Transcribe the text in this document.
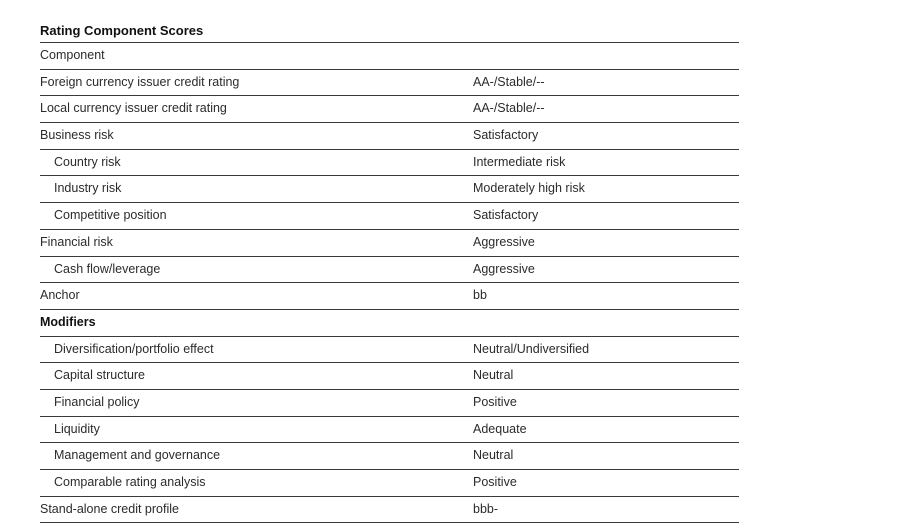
Rating Component Scores
Component
Foreign currency issuer credit rating	AA-/Stable/--
Local currency issuer credit rating	AA-/Stable/--
Business risk	Satisfactory
Country risk	Intermediate risk
Industry risk	Moderately high risk
Competitive position	Satisfactory
Financial risk	Aggressive
Cash flow/leverage	Aggressive
Anchor	bb
Modifiers
Diversification/portfolio effect	Neutral/Undiversified
Capital structure	Neutral
Financial policy	Positive
Liquidity	Adequate
Management and governance	Neutral
Comparable rating analysis	Positive
Stand-alone credit profile	bbb-
